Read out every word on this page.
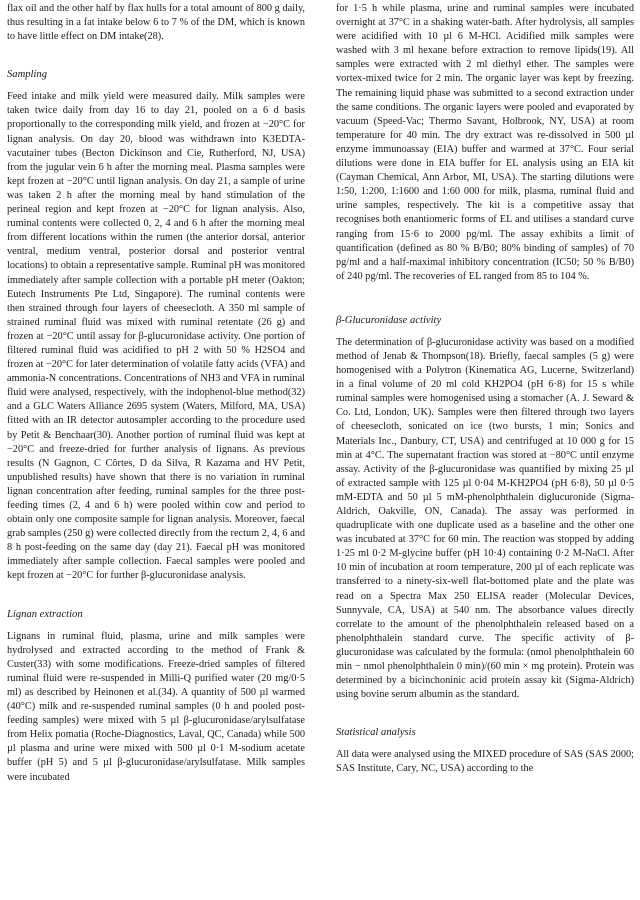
flax oil and the other half by flax hulls for a total amount of 800 g daily, thus resulting in a fat intake below 6 to 7 % of the DM, which is known to have little effect on DM intake(28).

Sampling

Feed intake and milk yield were measured daily. Milk samples were taken twice daily from day 16 to day 21, pooled on a 6 d basis proportionally to the corresponding milk yield, and frozen at −20°C for lignan analysis. On day 20, blood was withdrawn into K3EDTA-vacutainer tubes (Becton Dickinson and Cie, Rutherford, NJ, USA) from the jugular vein 6 h after the morning meal. Plasma samples were kept frozen at −20°C until lignan analysis. On day 21, a sample of urine was taken 2 h after the morning meal by hand stimulation of the perineal region and kept frozen at −20°C for lignan analysis. Also, ruminal contents were collected 0, 2, 4 and 6 h after the morning meal from different locations within the rumen (the anterior dorsal, anterior ventral, medium ventral, posterior dorsal and posterior ventral locations) to obtain a representative sample. Ruminal pH was monitored immediately after sample collection with a portable pH meter (Oakton; Eutech Instruments Pte Ltd, Singapore). The ruminal contents were then strained through four layers of cheesecloth. A 350 ml sample of strained ruminal fluid was mixed with ruminal retentate (26 g) and frozen at −20°C until assay for β-glucuronidase activity. One portion of filtered ruminal fluid was acidified to pH 2 with 50 % H2SO4 and frozen at −20°C for later determination of volatile fatty acids (VFA) and ammonia-N concentrations. Concentrations of NH3 and VFA in ruminal fluid were analysed, respectively, with the indophenol-blue method(32) and a GLC Waters Alliance 2695 system (Waters, Milford, MA, USA) fitted with an IR detector autosampler according to the procedure used by Petit & Benchaar(30). Another portion of ruminal fluid was kept at −20°C and freeze-dried for further analysis of lignans. As previous results (N Gagnon, C Côrtes, D da Silva, R Kazama and HV Petit, unpublished results) have shown that there is no variation in ruminal lignan concentration after feeding, ruminal samples for the three post-feeding times (2, 4 and 6 h) were pooled within cow and period to obtain only one composite sample for lignan analysis. Moreover, faecal grab samples (250 g) were collected directly from the rectum 2, 4, 6 and 8 h post-feeding on the same day (day 21). Faecal pH was monitored immediately after sample collection. Faecal samples were pooled and kept frozen at −20°C for further β-glucuronidase analysis.

Lignan extraction

Lignans in ruminal fluid, plasma, urine and milk samples were hydrolysed and extracted according to the method of Frank & Custer(33) with some modifications. Freeze-dried samples of filtered ruminal fluid were re-suspended in Milli-Q purified water (20 mg/0·5 ml) as described by Heinonen et al.(34). A quantity of 500 µl warmed (40°C) milk and re-suspended ruminal samples (0 h and pooled post-feeding samples) were mixed with 5 µl β-glucuronidase/arylsulfatase from Helix pomatia (Roche-Diagnostics, Laval, QC, Canada) while 500 µl plasma and urine were mixed with 500 µl 0·1 M-sodium acetate buffer (pH 5) and 5 µl β-glucuronidase/arylsulfatase. Milk samples were incubated

for 1·5 h while plasma, urine and ruminal samples were incubated overnight at 37°C in a shaking water-bath. After hydrolysis, all samples were acidified with 10 µl 6 M-HCl. Acidified milk samples were washed with 3 ml hexane before extraction to remove lipids(19). All samples were extracted with 2 ml diethyl ether. The samples were vortex-mixed twice for 2 min. The organic layer was kept by freezing. The remaining liquid phase was submitted to a second extraction under the same conditions. The organic layers were pooled and evaporated by vacuum (Speed-Vac; Thermo Savant, Holbrook, NY, USA) at room temperature for 40 min. The dry extract was re-dissolved in 500 µl enzyme immunoassay (EIA) buffer and warmed at 37°C. Four serial dilutions were done in EIA buffer for EL analysis using an EIA kit (Cayman Chemical, Ann Arbor, MI, USA). The starting dilutions were 1:50, 1:200, 1:1600 and 1:60 000 for milk, plasma, ruminal fluid and urine samples, respectively. The kit is a competitive assay that recognises both enantiomeric forms of EL and utilises a standard curve ranging from 15·6 to 2000 pg/ml. The assay exhibits a limit of quantification (defined as 80 % B/B0; 80% binding of samples) of 70 pg/ml and a half-maximal inhibitory concentration (IC50; 50 % B/B0) of 240 pg/ml. The recoveries of EL ranged from 85 to 104 %.

β-Glucuronidase activity

The determination of β-glucuronidase activity was based on a modified method of Jenab & Thompson(18). Briefly, faecal samples (5 g) were homogenised with a Polytron (Kinematica AG, Lucerne, Switzerland) in a final volume of 20 ml cold KH2PO4 (pH 6·8) for 15 s while ruminal samples were homogenised using a stomacher (A. J. Seward & Co. Ltd, London, UK). Samples were then filtered through two layers of cheesecloth, sonicated on ice (two bursts, 1 min; Sonics and Materials Inc., Danbury, CT, USA) and centrifuged at 10 000 g for 15 min at 4°C. The supernatant fraction was stored at −80°C until enzyme assay. Activity of the β-glucuronidase was quantified by mixing 25 µl of extracted sample with 125 µl 0·04 M-KH2PO4 (pH 6·8), 50 µl 0·5 mM-EDTA and 50 µl 5 mM-phenolphthalein diglucuronide (Sigma-Aldrich, Oakville, ON, Canada). The assay was performed in quadruplicate with one duplicate used as a baseline and the other one was incubated at 37°C for 60 min. The reaction was stopped by adding 1·25 ml 0·2 M-glycine buffer (pH 10·4) containing 0·2 M-NaCl. After 10 min of incubation at room temperature, 200 µl of each replicate was transferred to a ninety-six-well flat-bottomed plate and the plate was read on a Spectra Max 250 ELISA reader (Molecular Devices, Sunnyvale, CA, USA) at 540 nm. The absorbance values directly correlate to the amount of the phenolphthalein released based on a phenolphthalein standard curve. The specific activity of β-glucuronidase was calculated by the formula: (nmol phenolphthalein 60 min − nmol phenolphthalein 0 min)/(60 min × mg protein). Protein was determined by a bicinchoninic acid protein assay kit (Sigma-Aldrich) using bovine serum albumin as the standard.

Statistical analysis

All data were analysed using the MIXED procedure of SAS (SAS 2000; SAS Institute, Cary, NC, USA) according to the
